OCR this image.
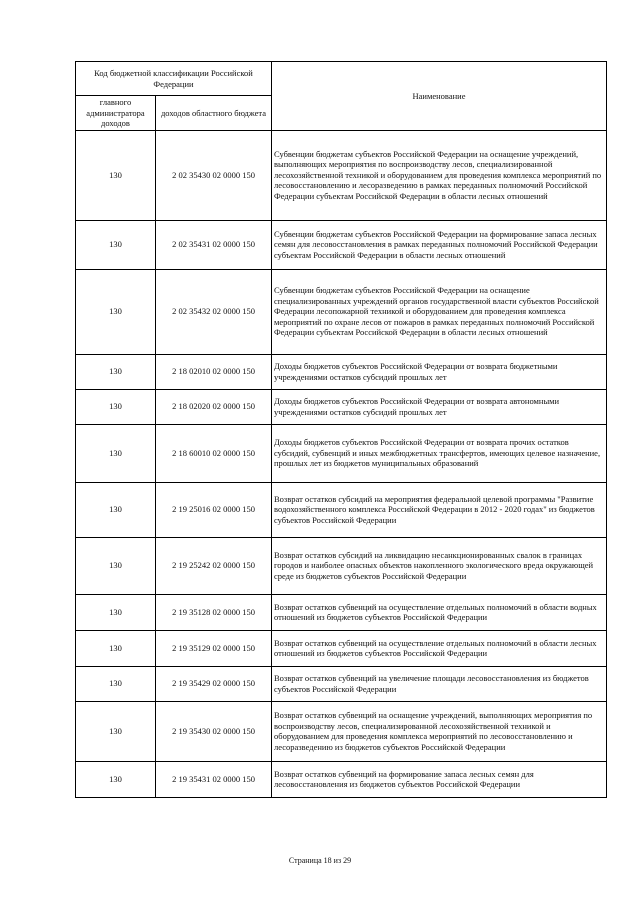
Код бюджетной классификации Российской Федерации		Наименование
главного администратора доходов	доходов областного бюджета	
130	2 02 35430 02 0000 150	Субвенции бюджетам субъектов Российской Федерации на оснащение учреждений, выполняющих мероприятия по воспроизводству лесов, специализированной лесохозяйственной техникой и оборудованием для проведения комплекса мероприятий по лесовосстановлению и лесоразведению в рамках переданных полномочий Российской Федерации субъектам Российской Федерации в области лесных отношений
130	2 02 35431 02 0000 150	Субвенции бюджетам субъектов Российской Федерации на формирование запаса лесных семян для лесовосстановления в рамках переданных полномочий Российской Федерации субъектам Российской Федерации в области лесных отношений
130	2 02 35432 02 0000 150	Субвенции бюджетам субъектов Российской Федерации на оснащение специализированных учреждений органов государственной власти субъектов Российской Федерации лесопожарной техникой и оборудованием для проведения комплекса мероприятий по охране лесов от пожаров в рамках переданных полномочий Российской Федерации субъектам Российской Федерации в области лесных отношений
130	2 18 02010 02 0000 150	Доходы бюджетов субъектов Российской Федерации от возврата бюджетными учреждениями остатков субсидий прошлых лет
130	2 18 02020 02 0000 150	Доходы бюджетов субъектов Российской Федерации от возврата автономными учреждениями остатков субсидий прошлых лет
130	2 18 60010 02 0000 150	Доходы бюджетов субъектов Российской Федерации от возврата прочих остатков субсидий, субвенций и иных межбюджетных трансфертов, имеющих целевое назначение, прошлых лет из бюджетов муниципальных образований
130	2 19 25016 02 0000 150	Возврат остатков субсидий на мероприятия федеральной целевой программы "Развитие водохозяйственного комплекса Российской Федерации в 2012 - 2020 годах" из бюджетов субъектов Российской Федерации
130	2 19 25242 02 0000 150	Возврат остатков субсидий на ликвидацию несанкционированных свалок в границах городов и наиболее опасных объектов накопленного экологического вреда окружающей среде из бюджетов субъектов Российской Федерации
130	2 19 35128 02 0000 150	Возврат остатков субвенций на осуществление отдельных полномочий в области водных отношений из бюджетов субъектов Российской Федерации
130	2 19 35129 02 0000 150	Возврат остатков субвенций на осуществление отдельных полномочий в области лесных отношений из бюджетов субъектов Российской Федерации
130	2 19 35429 02 0000 150	Возврат остатков субвенций на увеличение площади лесовосстановления из бюджетов субъектов Российской Федерации
130	2 19 35430 02 0000 150	Возврат остатков субвенций на оснащение учреждений, выполняющих мероприятия по воспроизводству лесов, специализированной лесохозяйственной техникой и оборудованием для проведения комплекса мероприятий по лесовосстановлению и лесоразведению из бюджетов субъектов Российской Федерации
130	2 19 35431 02 0000 150	Возврат остатков субвенций на формирование запаса лесных семян для лесовосстановления из бюджетов субъектов Российской Федерации
Страница 18 из 29
